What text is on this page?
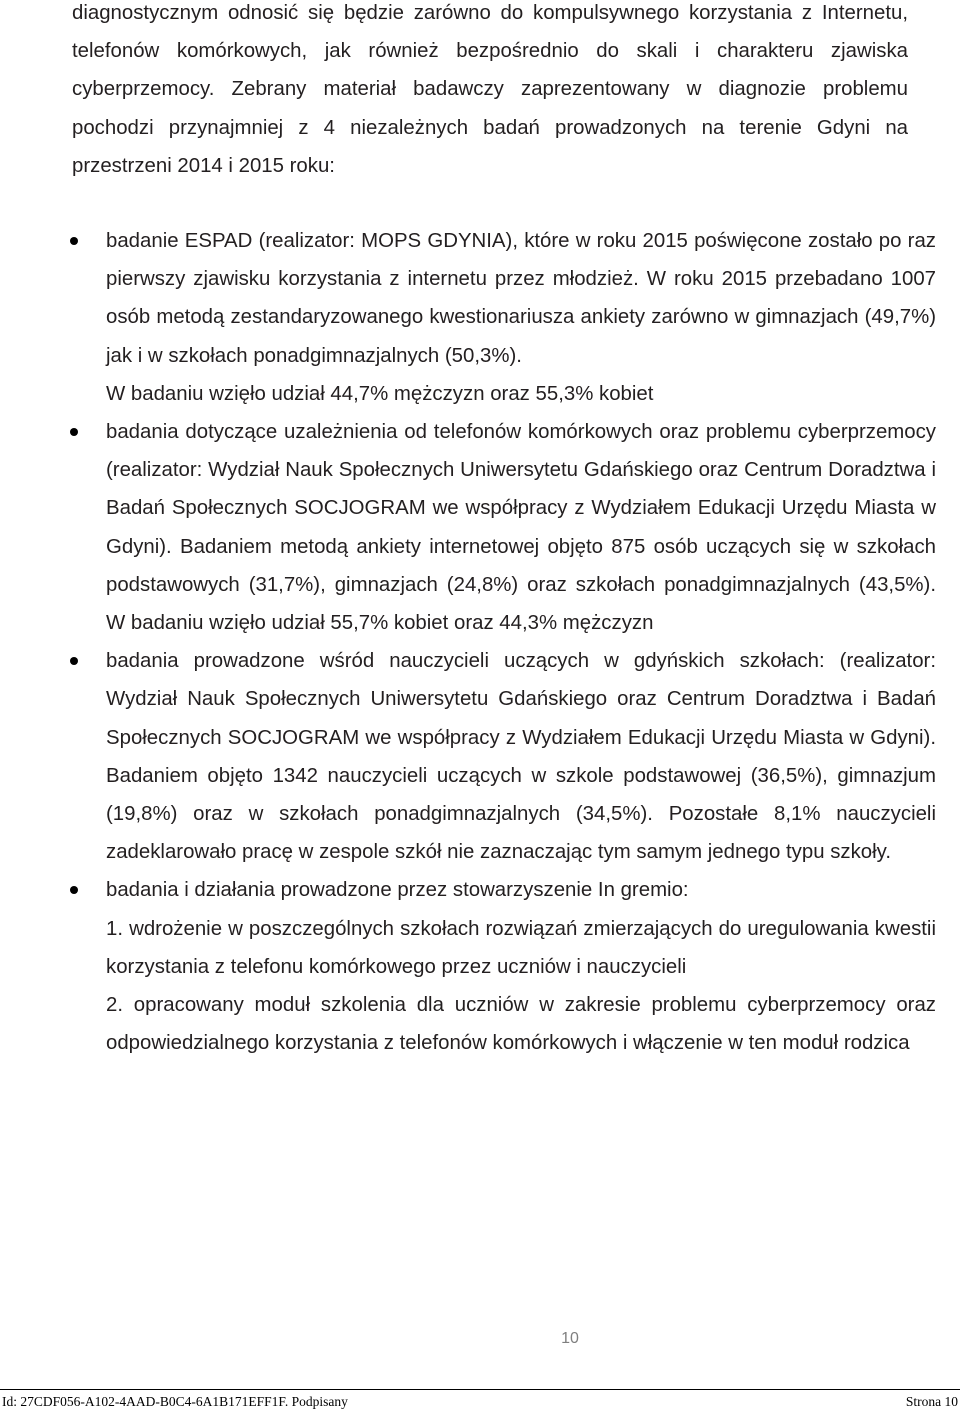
diagnostycznym odnosić się będzie zarówno do kompulsywnego korzystania z Internetu, telefonów komórkowych, jak również bezpośrednio do skali i charakteru zjawiska cyberprzemocy. Zebrany materiał badawczy zaprezentowany w diagnozie problemu pochodzi przynajmniej z 4 niezależnych badań prowadzonych na terenie Gdyni na przestrzeni 2014 i 2015 roku:

badanie ESPAD (realizator: MOPS GDYNIA), które w roku 2015 poświęcone zostało po raz pierwszy zjawisku korzystania z internetu przez młodzież. W roku 2015 przebadano 1007 osób metodą zestandaryzowanego kwestionariusza ankiety zarówno w gimnazjach (49,7%) jak i w szkołach ponadgimnazjalnych (50,3%).

W badaniu wzięło udział 44,7% mężczyzn oraz 55,3% kobiet

badania dotyczące uzależnienia od telefonów komórkowych oraz problemu cyberprzemocy (realizator: Wydział Nauk Społecznych Uniwersytetu Gdańskiego oraz Centrum Doradztwa i Badań Społecznych SOCJOGRAM we współpracy z Wydziałem Edukacji Urzędu Miasta w Gdyni). Badaniem metodą ankiety internetowej objęto 875 osób uczących się w szkołach podstawowych (31,7%), gimnazjach (24,8%) oraz szkołach ponadgimnazjalnych (43,5%). W badaniu wzięło udział 55,7% kobiet oraz 44,3% mężczyzn

badania prowadzone wśród nauczycieli uczących w gdyńskich szkołach: (realizator: Wydział Nauk Społecznych Uniwersytetu Gdańskiego oraz Centrum Doradztwa i Badań Społecznych SOCJOGRAM we współpracy z Wydziałem Edukacji Urzędu Miasta w Gdyni). Badaniem objęto 1342 nauczycieli uczących w szkole podstawowej (36,5%), gimnazjum (19,8%) oraz w szkołach ponadgimnazjalnych (34,5%). Pozostałe 8,1% nauczycieli zadeklarowało pracę w zespole szkół nie zaznaczając tym samym jednego typu szkoły.

badania i działania prowadzone przez stowarzyszenie In gremio:

1. wdrożenie w poszczególnych szkołach rozwiązań zmierzających do uregulowania kwestii korzystania z telefonu komórkowego przez uczniów i nauczycieli

2. opracowany moduł szkolenia dla uczniów w zakresie problemu cyberprzemocy oraz odpowiedzialnego korzystania z telefonów komórkowych i włączenie w ten moduł rodzica

10
Id: 27CDF056-A102-4AAD-B0C4-6A1B171EFF1F. Podpisany	Strona 10
